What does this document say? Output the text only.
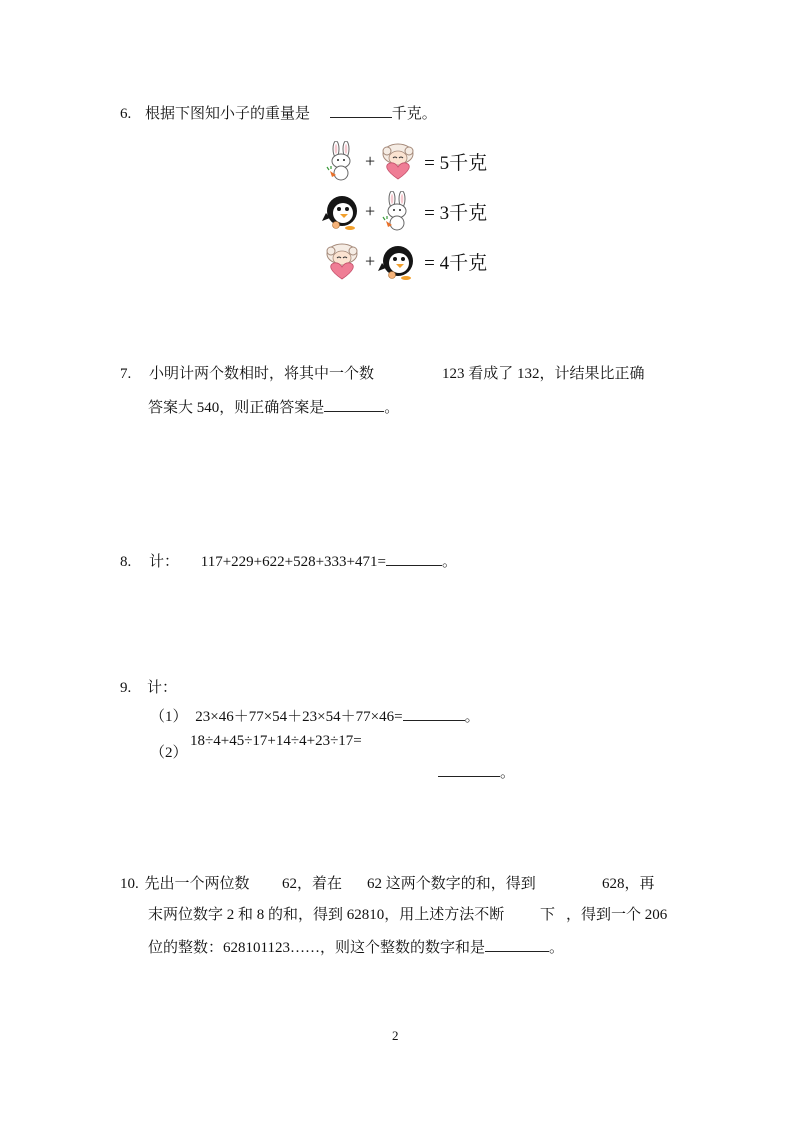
6. 根据下图知小子的重量是	千克。
+	= 5千克
+	= 3千克
+	= 4千克
7. 小明计两个数相时，将其中一个数	123 看成了 132，计结果比正确
答案大 540，则正确答案是	。
8. 计： 117+229+622+528+333+471=	。
9. 计：
（1） 23×46＋77×54＋23×54＋77×46=	。
（2）
18÷4+45÷17+14÷4+23÷17=
。
10. 先出一个两位数 62，着在 62 这两个数字的和，得到	628，再
末两位数字 2 和 8 的和，得到 62810，用上述方法不断 下 ，得到一个 206
位的整数：628101123……，则这个整数的数字和是	。
2
